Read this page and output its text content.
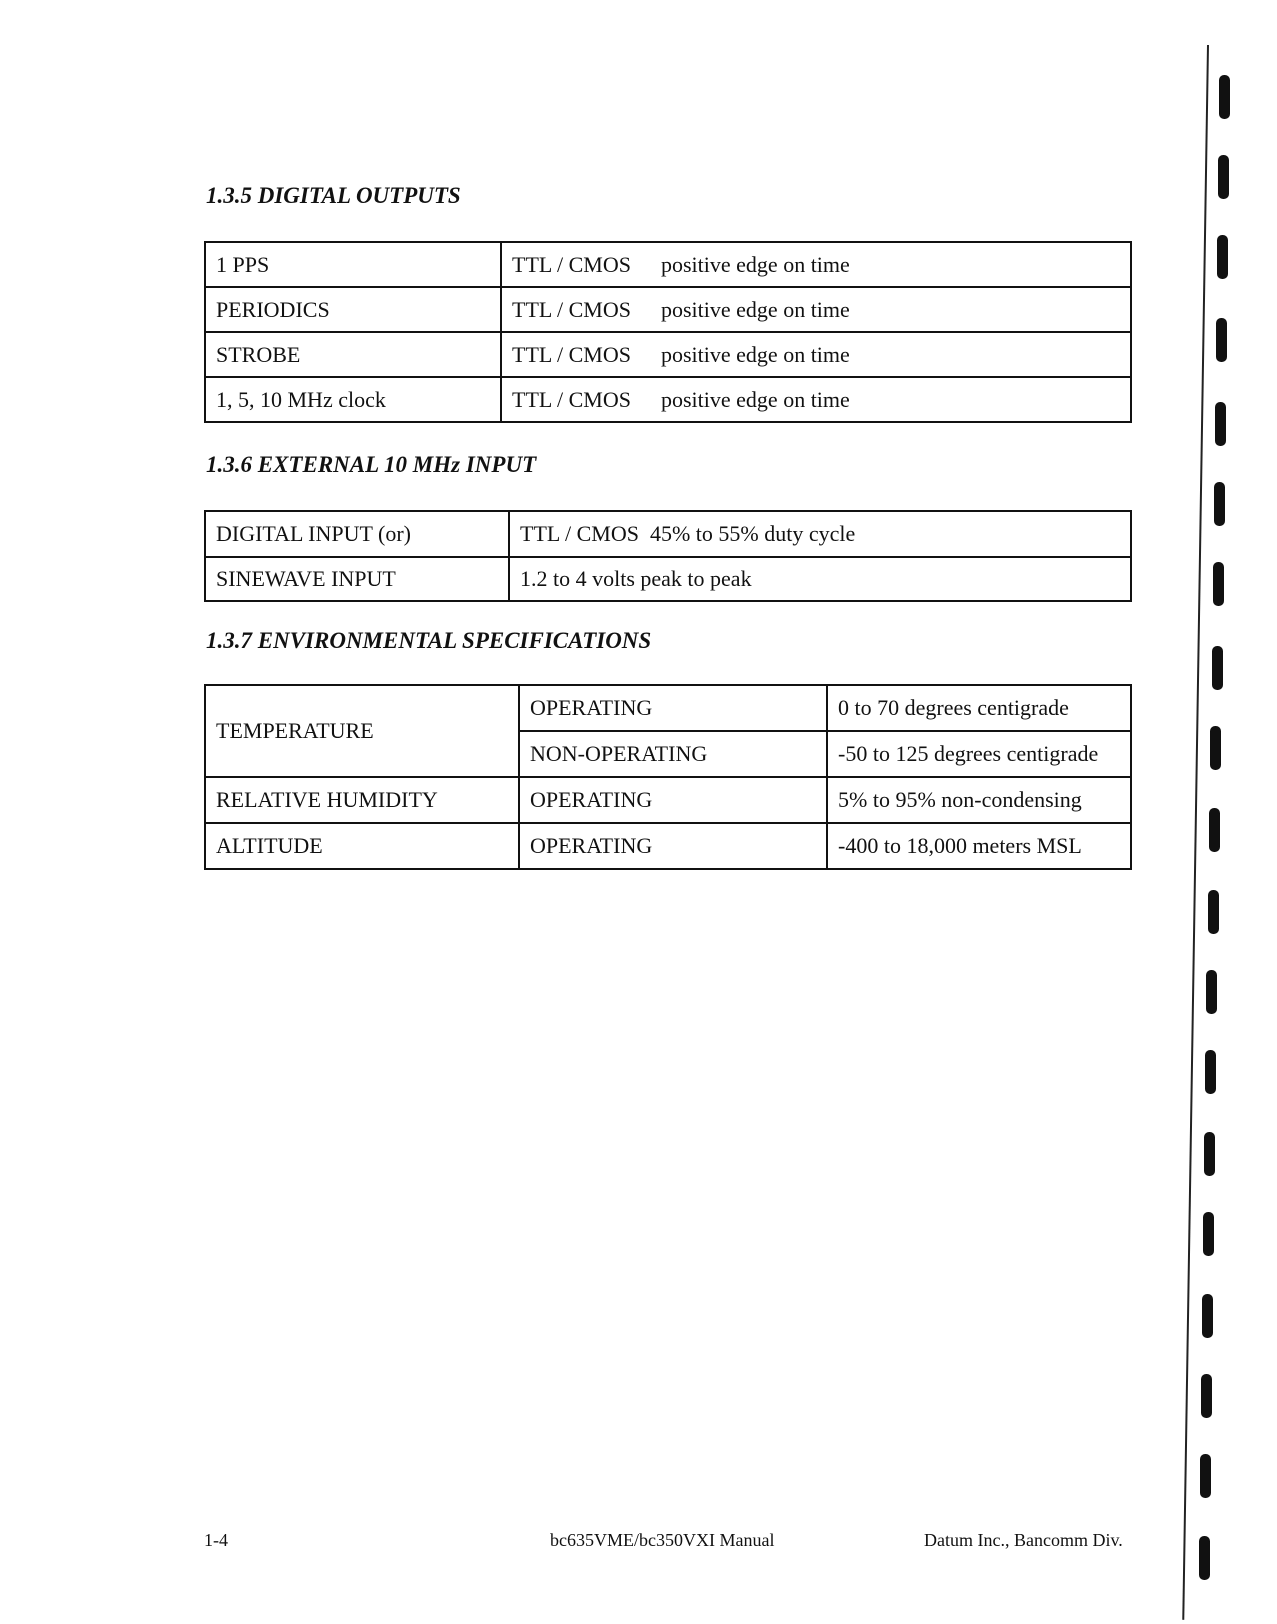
1.3.5 DIGITAL OUTPUTS
1 PPS	TTL / CMOS	positive edge on time
PERIODICS	TTL / CMOS	positive edge on time
STROBE	TTL / CMOS	positive edge on time
1, 5, 10 MHz clock	TTL / CMOS	positive edge on time
1.3.6 EXTERNAL 10 MHz INPUT
DIGITAL INPUT (or)	TTL / CMOS  45% to 55% duty cycle
SINEWAVE INPUT	1.2 to 4 volts peak to peak
1.3.7 ENVIRONMENTAL SPECIFICATIONS
TEMPERATURE	OPERATING	0 to 70 degrees centigrade
	NON-OPERATING	-50 to 125 degrees centigrade
RELATIVE HUMIDITY	OPERATING	5% to 95% non-condensing
ALTITUDE	OPERATING	-400 to 18,000 meters MSL
1-4	bc635VME/bc350VXI Manual	Datum Inc., Bancomm Div.
